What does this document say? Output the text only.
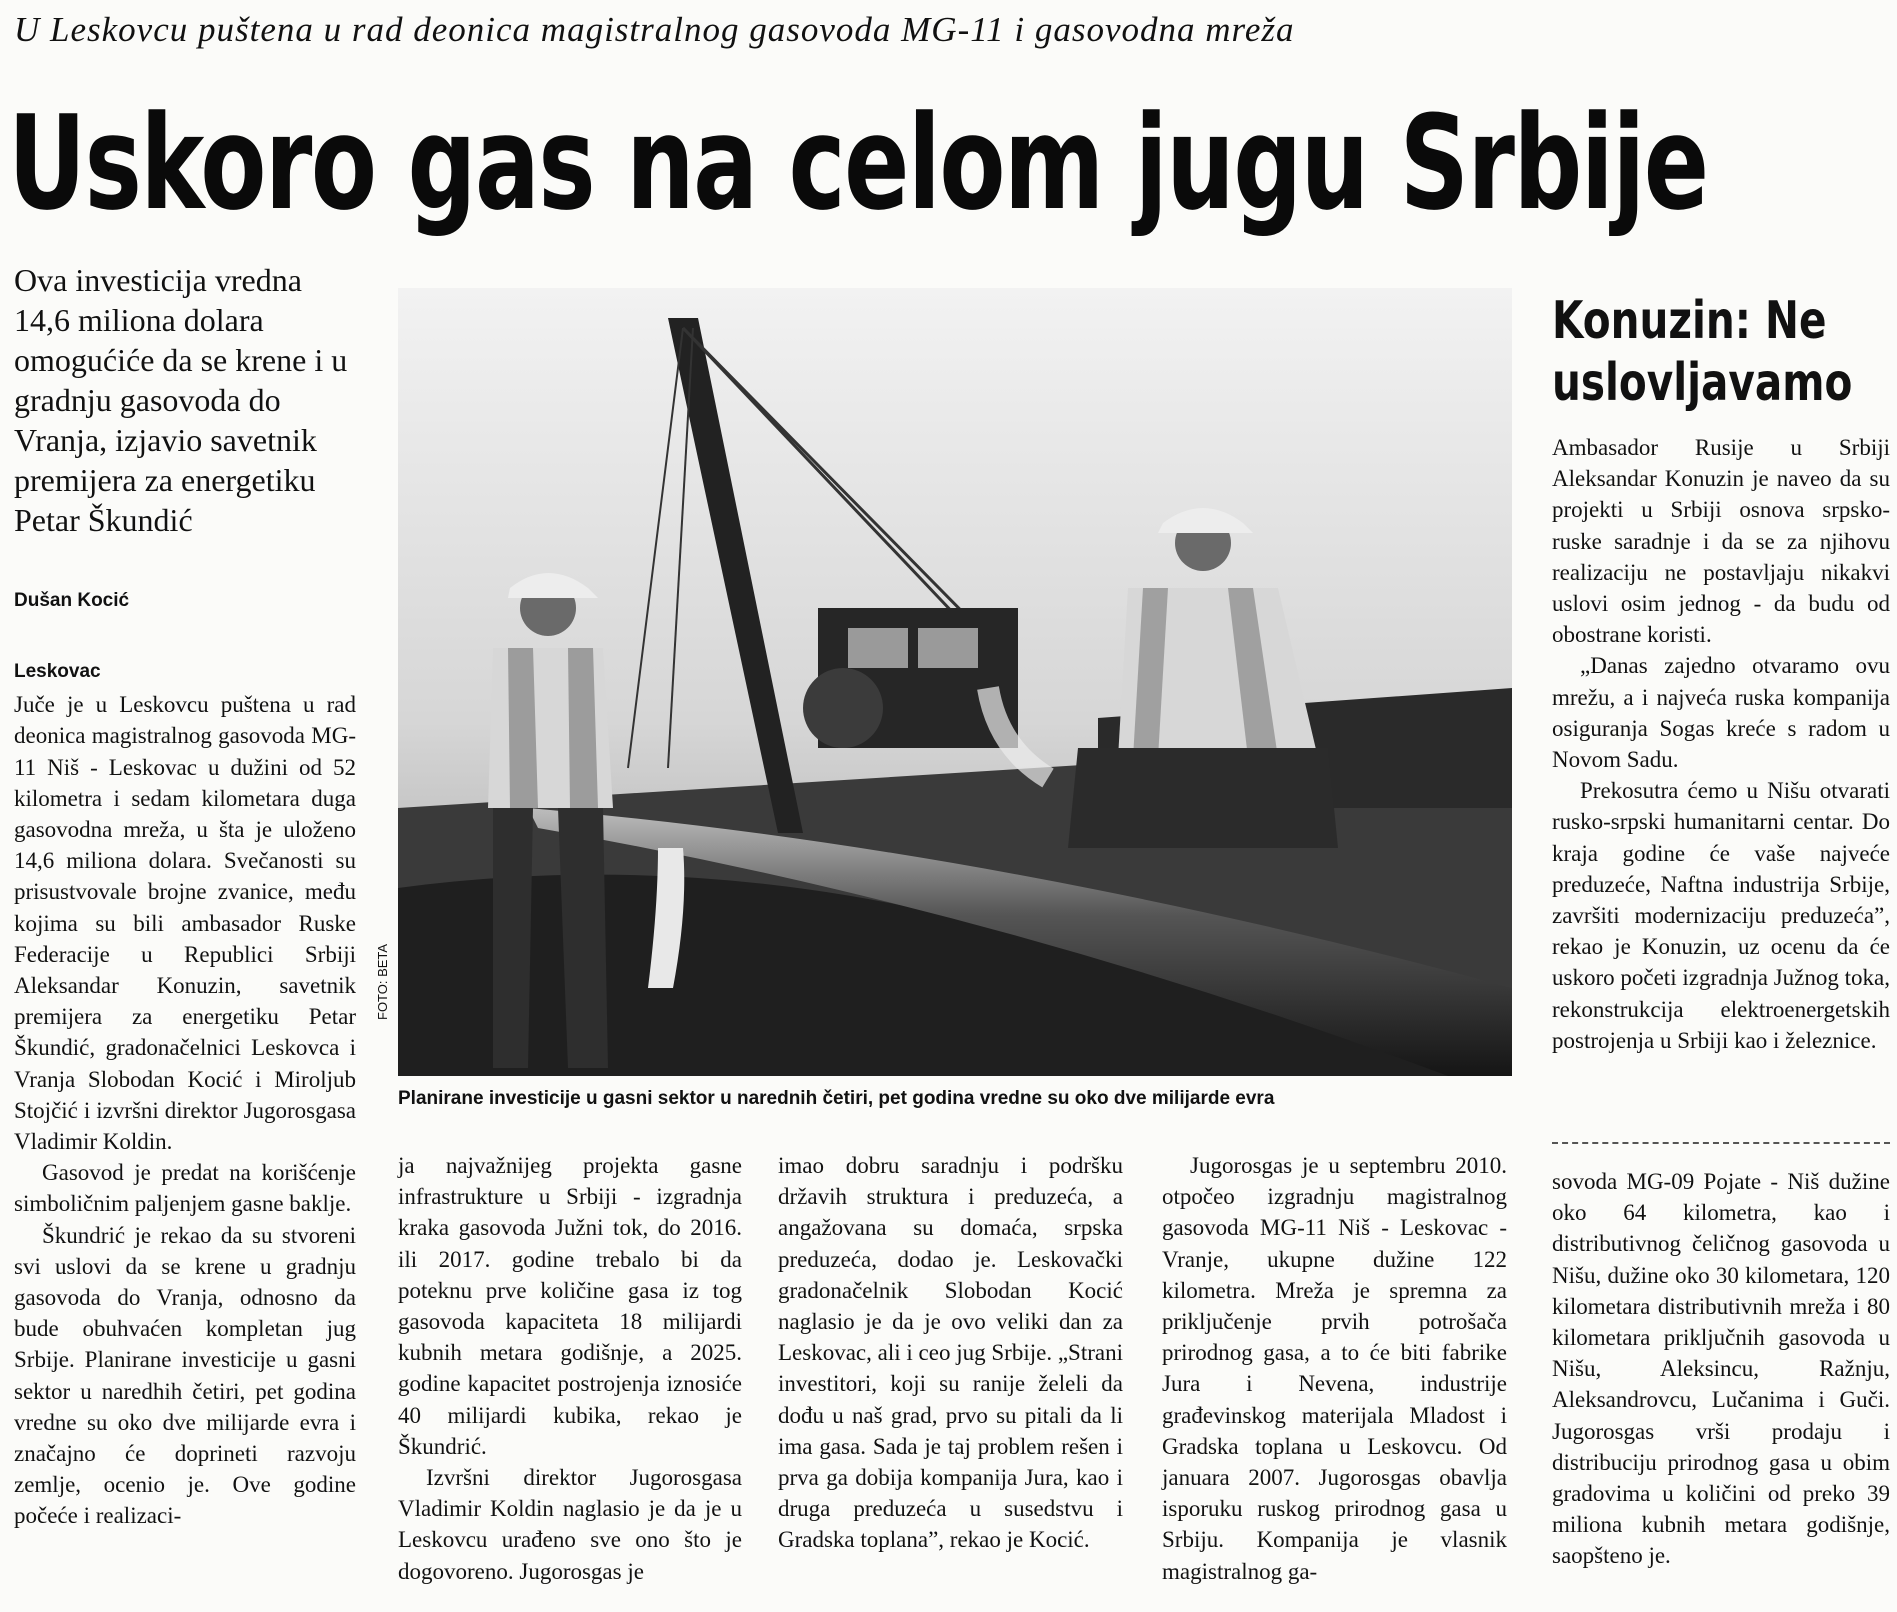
U Leskovcu puštena u rad deonica magistralnog gasovoda MG-11 i gasovodna mreža
Uskoro gas na celom jugu Srbije
Ova investicija vredna 14,6 miliona dolara omogućiće da se krene i u gradnju gasovoda do Vranja, izjavio savetnik premijera za energetiku Petar Škundić
Dušan Kocić
Leskovac

Juče je u Leskovcu puštena u rad deonica magistralnog gasovoda MG-11 Niš - Leskovac u dužini od 52 kilometra i sedam kilometara duga gasovodna mreža, u šta je uloženo 14,6 miliona dolara. Svečanosti su prisustvovale brojne zvanice, među kojima su bili ambasador Ruske Federacije u Republici Srbiji Aleksandar Konuzin, savetnik premijera za energetiku Petar Škundić, gradonačelnici Leskovca i Vranja Slobodan Kocić i Miroljub Stojčić i izvršni direktor Jugorosgasa Vladimir Koldin.

Gasovod je predat na korišćenje simboličnim paljenjem gasne baklje.

Škundrić je rekao da su stvoreni svi uslovi da se krene u gradnju gasovoda do Vranja, odnosno da bude obuhvaćen kompletan jug Srbije. Planirane investicije u gasni sektor u naredhih četiri, pet godina vredne su oko dve milijarde evra i značajno će doprineti razvoju zemlje, ocenio je. Ove godine počeće i realizaci-

FOTO: BETA
Planirane investicije u gasni sektor u narednih četiri, pet godina vredne su oko dve milijarde evra

ja najvažnijeg projekta gasne infrastrukture u Srbiji - izgradnja kraka gasovoda Južni tok, do 2016. ili 2017. godine trebalo bi da poteknu prve količine gasa iz tog gasovoda kapaciteta 18 milijardi kubnih metara godišnje, a 2025. godine kapacitet postrojenja iznosiće 40 milijardi kubika, rekao je Škundrić.

Izvršni direktor Jugorosgasa Vladimir Koldin naglasio je da je u Leskovcu urađeno sve ono što je dogovoreno. Jugorosgas je

imao dobru saradnju i podršku državih struktura i preduzeća, a angažovana su domaća, srpska preduzeća, dodao je. Leskovački gradonačelnik Slobodan Kocić naglasio je da je ovo veliki dan za Leskovac, ali i ceo jug Srbije. „Strani investitori, koji su ranije želeli da dođu u naš grad, prvo su pitali da li ima gasa. Sada je taj problem rešen i prva ga dobija kompanija Jura, kao i druga preduzeća u susedstvu i Gradska toplana”, rekao je Kocić.

Jugorosgas je u septembru 2010. otpočeo izgradnju magistralnog gasovoda MG-11 Niš - Leskovac - Vranje, ukupne dužine 122 kilometra. Mreža je spremna za priključenje prvih potrošača prirodnog gasa, a to će biti fabrike Jura i Nevena, industrije građevinskog materijala Mladost i Gradska toplana u Leskovcu. Od januara 2007. Jugorosgas obavlja isporuku ruskog prirodnog gasa u Srbiju. Kompanija je vlasnik magistralnog ga-

Konuzin: Ne
uslovljavamo

Ambasador Rusije u Srbiji Aleksandar Konuzin je naveo da su projekti u Srbiji osnova srpsko-ruske saradnje i da se za njihovu realizaciju ne postavljaju nikakvi uslovi osim jednog - da budu od obostrane koristi.

„Danas zajedno otvaramo ovu mrežu, a i najveća ruska kompanija osiguranja Sogas kreće s radom u Novom Sadu.

Prekosutra ćemo u Nišu otvarati rusko-srpski humanitarni centar. Do kraja godine će vaše najveće preduzeće, Naftna industrija Srbije, završiti modernizaciju preduzeća”, rekao je Konuzin, uz ocenu da će uskoro početi izgradnja Južnog toka, rekonstrukcija elektroenergetskih postrojenja u Srbiji kao i železnice.

sovoda MG-09 Pojate - Niš dužine oko 64 kilometra, kao i distributivnog čeličnog gasovoda u Nišu, dužine oko 30 kilometara, 120 kilometara distributivnih mreža i 80 kilometara priključnih gasovoda u Nišu, Aleksincu, Ražnju, Aleksandrovcu, Lučanima i Guči. Jugorosgas vrši prodaju i distribuciju prirodnog gasa u obim gradovima u količini od preko 39 miliona kubnih metara godišnje, saopšteno je.
